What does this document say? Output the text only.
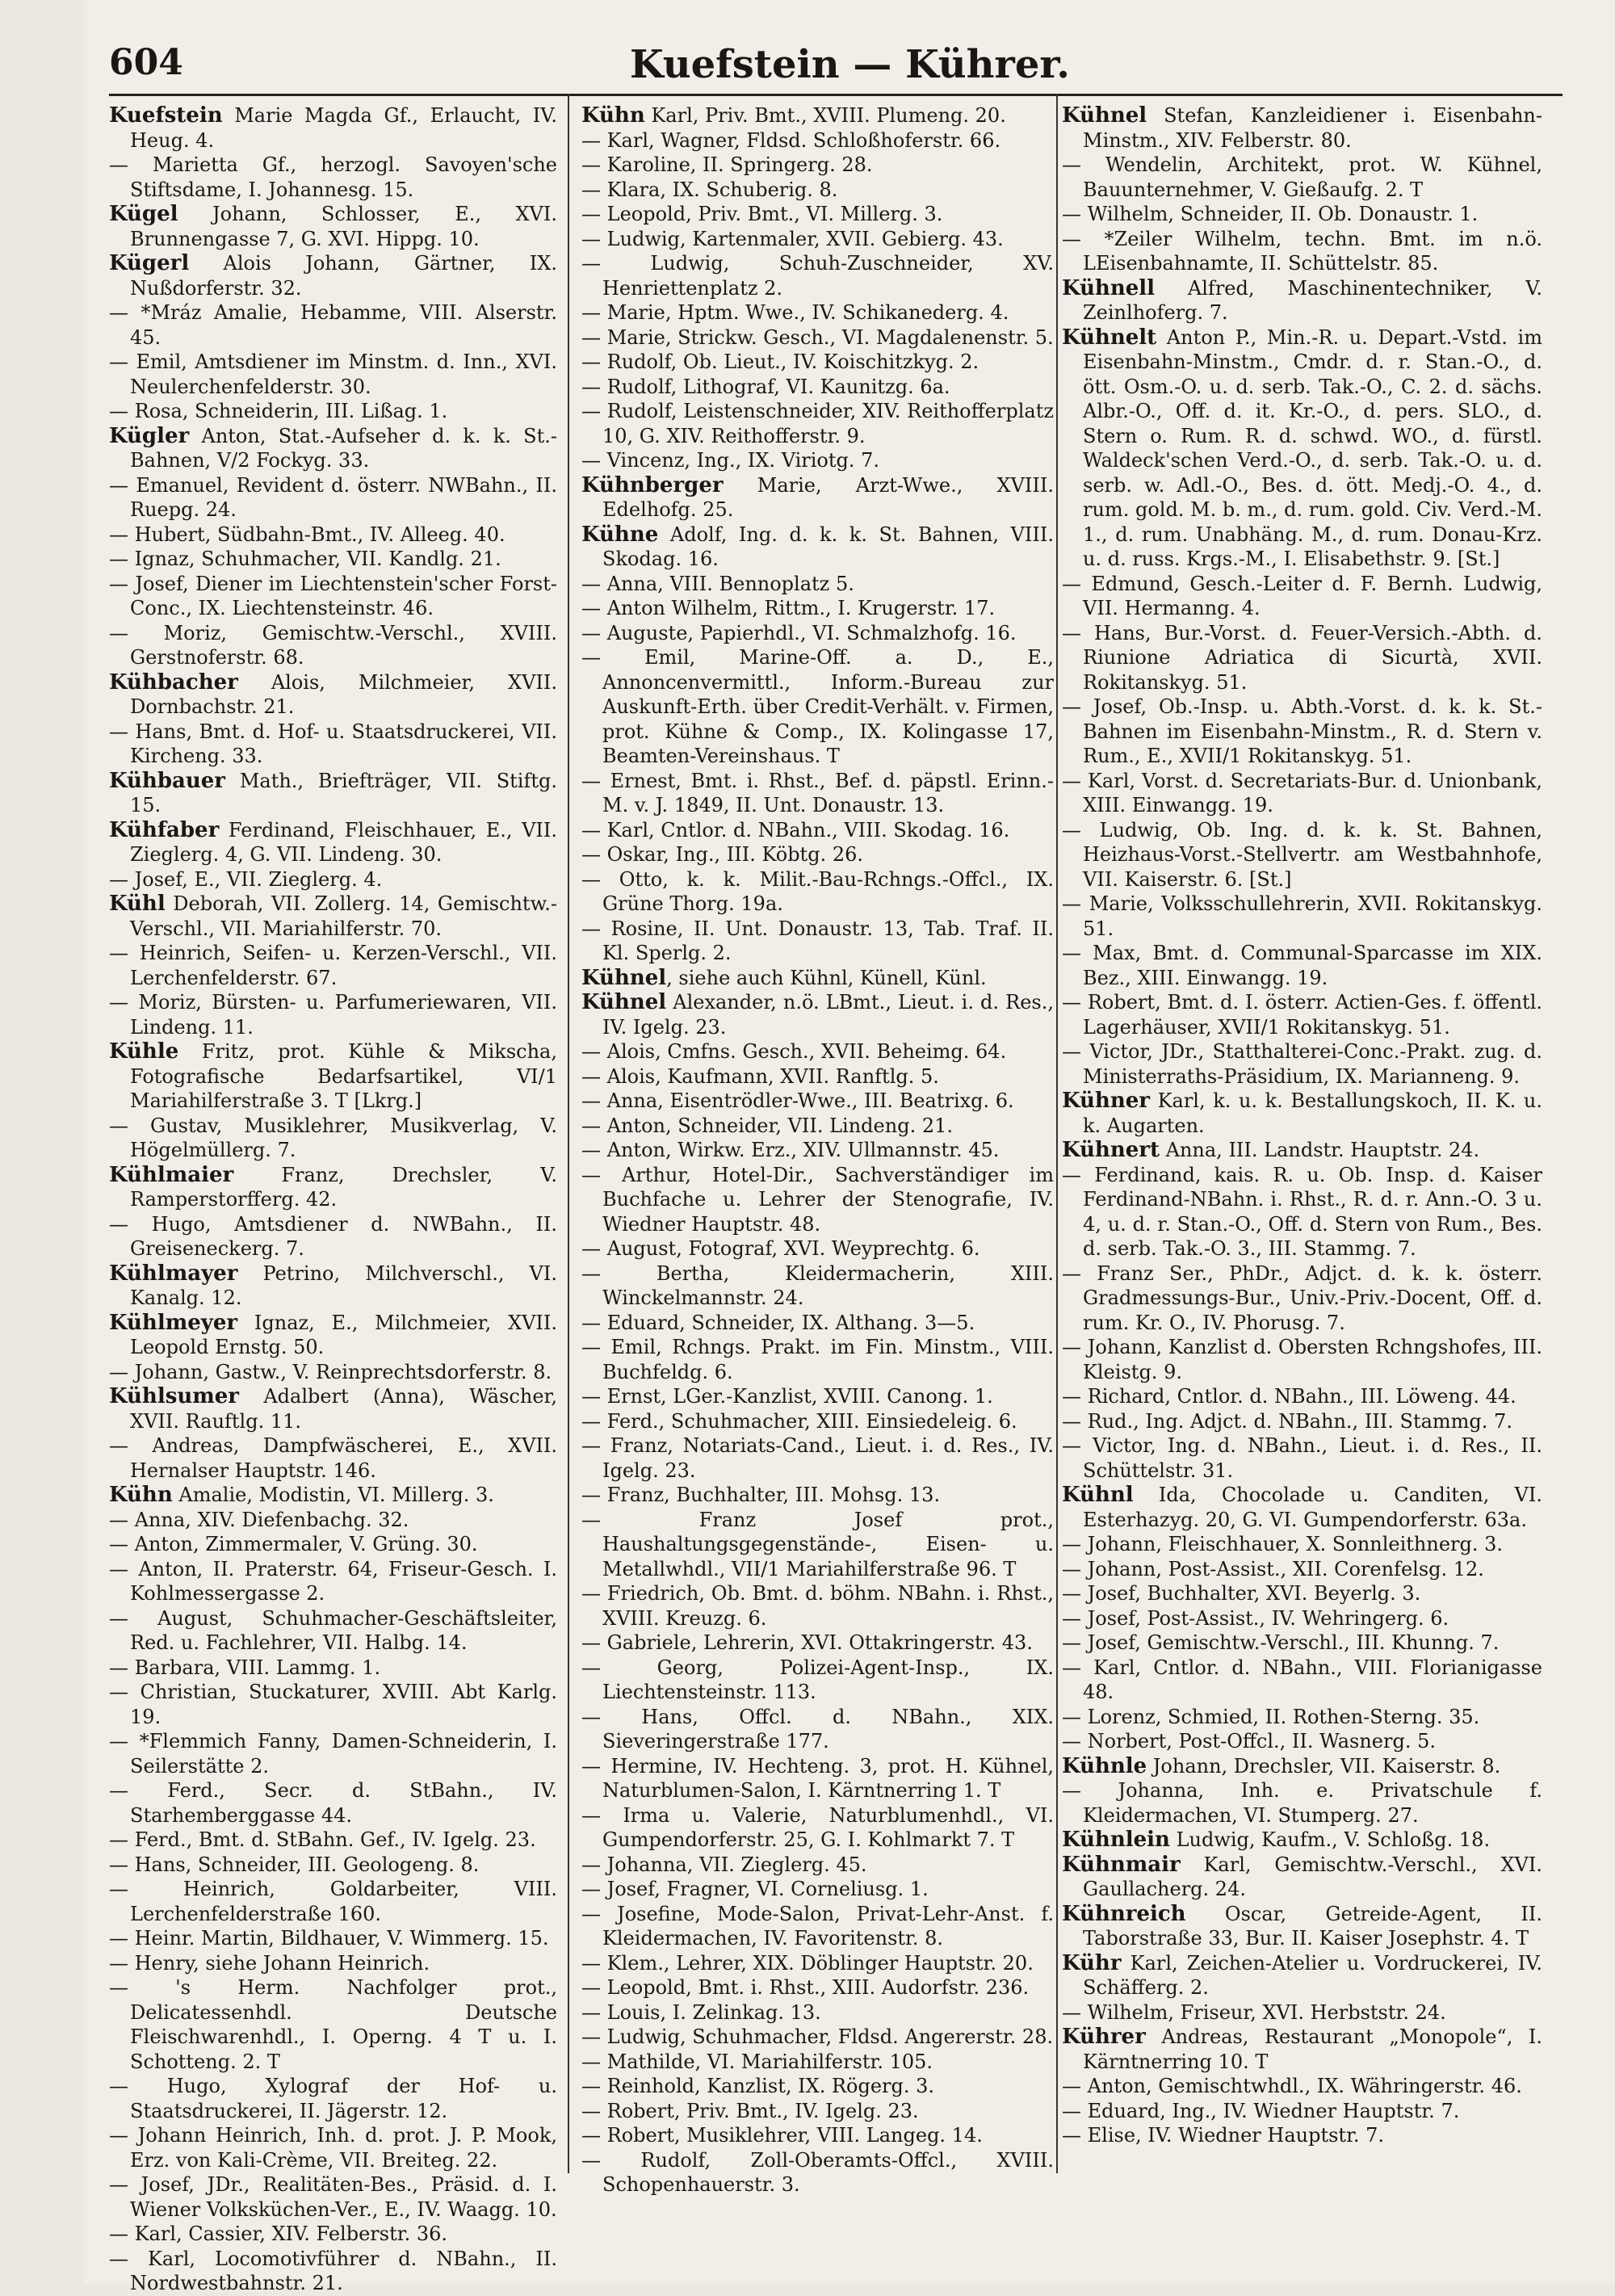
Kuefstein — Kührer.
604

Kuefstein Marie Magda Gf., Erlaucht, IV. Heug. 4.

— Marietta Gf., herzogl. Savoyen'sche Stiftsdame, I. Johannesg. 15.

Kügel Johann, Schlosser, E., XVI. Brunnengasse 7, G. XVI. Hippg. 10.

Kügerl Alois Johann, Gärtner, IX. Nußdorferstr. 32.

— *Mráz Amalie, Hebamme, VIII. Alserstr. 45.

— Emil, Amtsdiener im Minstm. d. Inn., XVI. Neulerchenfelderstr. 30.

— Rosa, Schneiderin, III. Lißag. 1.

Kügler Anton, Stat.-Aufseher d. k. k. St.-Bahnen, V/2 Fockyg. 33.

— Emanuel, Revident d. österr. NWBahn., II. Ruepg. 24.

— Hubert, Südbahn-Bmt., IV. Alleeg. 40.

— Ignaz, Schuhmacher, VII. Kandlg. 21.

— Josef, Diener im Liechtenstein'scher Forst-Conc., IX. Liechtensteinstr. 46.

— Moriz, Gemischtw.-Verschl., XVIII. Gerstnoferstr. 68.

Kühbacher Alois, Milchmeier, XVII. Dornbachstr. 21.

— Hans, Bmt. d. Hof- u. Staatsdruckerei, VII. Kircheng. 33.

Kühbauer Math., Briefträger, VII. Stiftg. 15.

Kühfaber Ferdinand, Fleischhauer, E., VII. Zieglerg. 4, G. VII. Lindeng. 30.

— Josef, E., VII. Zieglerg. 4.

Kühl Deborah, VII. Zollerg. 14, Gemischtw.-Verschl., VII. Mariahilferstr. 70.

— Heinrich, Seifen- u. Kerzen-Verschl., VII. Lerchenfelderstr. 67.

— Moriz, Bürsten- u. Parfumeriewaren, VII. Lindeng. 11.

Kühle Fritz, prot. Kühle & Mikscha, Fotografische Bedarfsartikel, VI/1 Mariahilferstraße 3. T [Lkrg.]

— Gustav, Musiklehrer, Musikverlag, V. Högelmüllerg. 7.

Kühlmaier Franz, Drechsler, V. Ramperstorfferg. 42.

— Hugo, Amtsdiener d. NWBahn., II. Greiseneckerg. 7.

Kühlmayer Petrino, Milchverschl., VI. Kanalg. 12.

Kühlmeyer Ignaz, E., Milchmeier, XVII. Leopold Ernstg. 50.

— Johann, Gastw., V. Reinprechtsdorferstr. 8.

Kühlsumer Adalbert (Anna), Wäscher, XVII. Rauftlg. 11.

— Andreas, Dampfwäscherei, E., XVII. Hernalser Hauptstr. 146.

Kühn Amalie, Modistin, VI. Millerg. 3.

— Anna, XIV. Diefenbachg. 32.

— Anton, Zimmermaler, V. Grüng. 30.

— Anton, II. Praterstr. 64, Friseur-Gesch. I. Kohlmessergasse 2.

— August, Schuhmacher-Geschäftsleiter, Red. u. Fachlehrer, VII. Halbg. 14.

— Barbara, VIII. Lammg. 1.

— Christian, Stuckaturer, XVIII. Abt Karlg. 19.

— *Flemmich Fanny, Damen-Schneiderin, I. Seilerstätte 2.

— Ferd., Secr. d. StBahn., IV. Starhemberggasse 44.

— Ferd., Bmt. d. StBahn. Gef., IV. Igelg. 23.

— Hans, Schneider, III. Geologeng. 8.

— Heinrich, Goldarbeiter, VIII. Lerchenfelderstraße 160.

— Heinr. Martin, Bildhauer, V. Wimmerg. 15.

— Henry, siehe Johann Heinrich.

— 's Herm. Nachfolger prot., Delicatessenhdl. Deutsche Fleischwarenhdl., I. Operng. 4 T u. I. Schotteng. 2. T

— Hugo, Xylograf der Hof- u. Staatsdruckerei, II. Jägerstr. 12.

— Johann Heinrich, Inh. d. prot. J. P. Mook, Erz. von Kali-Crème, VII. Breiteg. 22.

— Josef, JDr., Realitäten-Bes., Präsid. d. I. Wiener Volksküchen-Ver., E., IV. Waagg. 10.

— Karl, Cassier, XIV. Felberstr. 36.

— Karl, Locomotivführer d. NBahn., II. Nordwestbahnstr. 21.

Kühn Karl, Priv. Bmt., XVIII. Plumeng. 20.

— Karl, Wagner, Fldsd. Schloßhoferstr. 66.

— Karoline, II. Springerg. 28.

— Klara, IX. Schuberig. 8.

— Leopold, Priv. Bmt., VI. Millerg. 3.

— Ludwig, Kartenmaler, XVII. Gebierg. 43.

— Ludwig, Schuh-Zuschneider, XV. Henriettenplatz 2.

— Marie, Hptm. Wwe., IV. Schikanederg. 4.

— Marie, Strickw. Gesch., VI. Magdalenenstr. 5.

— Rudolf, Ob. Lieut., IV. Koischitzkyg. 2.

— Rudolf, Lithograf, VI. Kaunitzg. 6a.

— Rudolf, Leistenschneider, XIV. Reithofferplatz 10, G. XIV. Reithofferstr. 9.

— Vincenz, Ing., IX. Viriotg. 7.

Kühnberger Marie, Arzt-Wwe., XVIII. Edelhofg. 25.

Kühne Adolf, Ing. d. k. k. St. Bahnen, VIII. Skodag. 16.

— Anna, VIII. Bennoplatz 5.

— Anton Wilhelm, Rittm., I. Krugerstr. 17.

— Auguste, Papierhdl., VI. Schmalzhofg. 16.

— Emil, Marine-Off. a. D., E., Annoncenvermittl., Inform.-Bureau zur Auskunft-Erth. über Credit-Verhält. v. Firmen, prot. Kühne & Comp., IX. Kolingasse 17, Beamten-Vereinshaus. T

— Ernest, Bmt. i. Rhst., Bef. d. päpstl. Erinn.-M. v. J. 1849, II. Unt. Donaustr. 13.

— Karl, Cntlor. d. NBahn., VIII. Skodag. 16.

— Oskar, Ing., III. Köbtg. 26.

— Otto, k. k. Milit.-Bau-Rchngs.-Offcl., IX. Grüne Thorg. 19a.

— Rosine, II. Unt. Donaustr. 13, Tab. Traf. II. Kl. Sperlg. 2.

Kühnel, siehe auch Kühnl, Künell, Künl.

Kühnel Alexander, n.ö. LBmt., Lieut. i. d. Res., IV. Igelg. 23.

— Alois, Cmfns. Gesch., XVII. Beheimg. 64.

— Alois, Kaufmann, XVII. Ranftlg. 5.

— Anna, Eisentrödler-Wwe., III. Beatrixg. 6.

— Anton, Schneider, VII. Lindeng. 21.

— Anton, Wirkw. Erz., XIV. Ullmannstr. 45.

— Arthur, Hotel-Dir., Sachverständiger im Buchfache u. Lehrer der Stenografie, IV. Wiedner Hauptstr. 48.

— August, Fotograf, XVI. Weyprechtg. 6.

— Bertha, Kleidermacherin, XIII. Winckelmannstr. 24.

— Eduard, Schneider, IX. Althang. 3—5.

— Emil, Rchngs. Prakt. im Fin. Minstm., VIII. Buchfeldg. 6.

— Ernst, LGer.-Kanzlist, XVIII. Canong. 1.

— Ferd., Schuhmacher, XIII. Einsiedeleig. 6.

— Franz, Notariats-Cand., Lieut. i. d. Res., IV. Igelg. 23.

— Franz, Buchhalter, III. Mohsg. 13.

— Franz Josef prot., Haushaltungsgegenstände-, Eisen- u. Metallwhdl., VII/1 Mariahilferstraße 96. T

— Friedrich, Ob. Bmt. d. böhm. NBahn. i. Rhst., XVIII. Kreuzg. 6.

— Gabriele, Lehrerin, XVI. Ottakringerstr. 43.

— Georg, Polizei-Agent-Insp., IX. Liechtensteinstr. 113.

— Hans, Offcl. d. NBahn., XIX. Sieveringerstraße 177.

— Hermine, IV. Hechteng. 3, prot. H. Kühnel, Naturblumen-Salon, I. Kärntnerring 1. T

— Irma u. Valerie, Naturblumenhdl., VI. Gumpendorferstr. 25, G. I. Kohlmarkt 7. T

— Johanna, VII. Zieglerg. 45.

— Josef, Fragner, VI. Corneliusg. 1.

— Josefine, Mode-Salon, Privat-Lehr-Anst. f. Kleidermachen, IV. Favoritenstr. 8.

— Klem., Lehrer, XIX. Döblinger Hauptstr. 20.

— Leopold, Bmt. i. Rhst., XIII. Audorfstr. 236.

— Louis, I. Zelinkag. 13.

— Ludwig, Schuhmacher, Fldsd. Angererstr. 28.

— Mathilde, VI. Mariahilferstr. 105.

— Reinhold, Kanzlist, IX. Rögerg. 3.

— Robert, Priv. Bmt., IV. Igelg. 23.

— Robert, Musiklehrer, VIII. Langeg. 14.

— Rudolf, Zoll-Oberamts-Offcl., XVIII. Schopenhauerstr. 3.

Kühnel Stefan, Kanzleidiener i. Eisenbahn-Minstm., XIV. Felberstr. 80.

— Wendelin, Architekt, prot. W. Kühnel, Bauunternehmer, V. Gießaufg. 2. T

— Wilhelm, Schneider, II. Ob. Donaustr. 1.

— *Zeiler Wilhelm, techn. Bmt. im n.ö. LEisenbahnamte, II. Schüttelstr. 85.

Kühnell Alfred, Maschinentechniker, V. Zeinlhoferg. 7.

Kühnelt Anton P., Min.-R. u. Depart.-Vstd. im Eisenbahn-Minstm., Cmdr. d. r. Stan.-O., d. ött. Osm.-O. u. d. serb. Tak.-O., C. 2. d. sächs. Albr.-O., Off. d. it. Kr.-O., d. pers. SLO., d. Stern o. Rum. R. d. schwd. WO., d. fürstl. Waldeck'schen Verd.-O., d. serb. Tak.-O. u. d. serb. w. Adl.-O., Bes. d. ött. Medj.-O. 4., d. rum. gold. M. b. m., d. rum. gold. Civ. Verd.-M. 1., d. rum. Unabhäng. M., d. rum. Donau-Krz. u. d. russ. Krgs.-M., I. Elisabethstr. 9. [St.]

— Edmund, Gesch.-Leiter d. F. Bernh. Ludwig, VII. Hermanng. 4.

— Hans, Bur.-Vorst. d. Feuer-Versich.-Abth. d. Riunione Adriatica di Sicurtà, XVII. Rokitanskyg. 51.

— Josef, Ob.-Insp. u. Abth.-Vorst. d. k. k. St.-Bahnen im Eisenbahn-Minstm., R. d. Stern v. Rum., E., XVII/1 Rokitanskyg. 51.

— Karl, Vorst. d. Secretariats-Bur. d. Unionbank, XIII. Einwangg. 19.

— Ludwig, Ob. Ing. d. k. k. St. Bahnen, Heizhaus-Vorst.-Stellvertr. am Westbahnhofe, VII. Kaiserstr. 6. [St.]

— Marie, Volksschullehrerin, XVII. Rokitanskyg. 51.

— Max, Bmt. d. Communal-Sparcasse im XIX. Bez., XIII. Einwangg. 19.

— Robert, Bmt. d. I. österr. Actien-Ges. f. öffentl. Lagerhäuser, XVII/1 Rokitanskyg. 51.

— Victor, JDr., Statthalterei-Conc.-Prakt. zug. d. Ministerraths-Präsidium, IX. Marianneng. 9.

Kühner Karl, k. u. k. Bestallungskoch, II. K. u. k. Augarten.

Kühnert Anna, III. Landstr. Hauptstr. 24.

— Ferdinand, kais. R. u. Ob. Insp. d. Kaiser Ferdinand-NBahn. i. Rhst., R. d. r. Ann.-O. 3 u. 4, u. d. r. Stan.-O., Off. d. Stern von Rum., Bes. d. serb. Tak.-O. 3., III. Stammg. 7.

— Franz Ser., PhDr., Adjct. d. k. k. österr. Gradmessungs-Bur., Univ.-Priv.-Docent, Off. d. rum. Kr. O., IV. Phorusg. 7.

— Johann, Kanzlist d. Obersten Rchngshofes, III. Kleistg. 9.

— Richard, Cntlor. d. NBahn., III. Löweng. 44.

— Rud., Ing. Adjct. d. NBahn., III. Stammg. 7.

— Victor, Ing. d. NBahn., Lieut. i. d. Res., II. Schüttelstr. 31.

Kühnl Ida, Chocolade u. Canditen, VI. Esterhazyg. 20, G. VI. Gumpendorferstr. 63a.

— Johann, Fleischhauer, X. Sonnleithnerg. 3.

— Johann, Post-Assist., XII. Corenfelsg. 12.

— Josef, Buchhalter, XVI. Beyerlg. 3.

— Josef, Post-Assist., IV. Wehringerg. 6.

— Josef, Gemischtw.-Verschl., III. Khunng. 7.

— Karl, Cntlor. d. NBahn., VIII. Florianigasse 48.

— Lorenz, Schmied, II. Rothen-Sterng. 35.

— Norbert, Post-Offcl., II. Wasnerg. 5.

Kühnle Johann, Drechsler, VII. Kaiserstr. 8.

— Johanna, Inh. e. Privatschule f. Kleidermachen, VI. Stumperg. 27.

Kühnlein Ludwig, Kaufm., V. Schloßg. 18.

Kühnmair Karl, Gemischtw.-Verschl., XVI. Gaullacherg. 24.

Kühnreich Oscar, Getreide-Agent, II. Taborstraße 33, Bur. II. Kaiser Josephstr. 4. T

Kühr Karl, Zeichen-Atelier u. Vordruckerei, IV. Schäfferg. 2.

— Wilhelm, Friseur, XVI. Herbststr. 24.

Kührer Andreas, Restaurant „Monopole“, I. Kärntnerring 10. T

— Anton, Gemischtwhdl., IX. Währingerstr. 46.

— Eduard, Ing., IV. Wiedner Hauptstr. 7.

— Elise, IV. Wiedner Hauptstr. 7.
